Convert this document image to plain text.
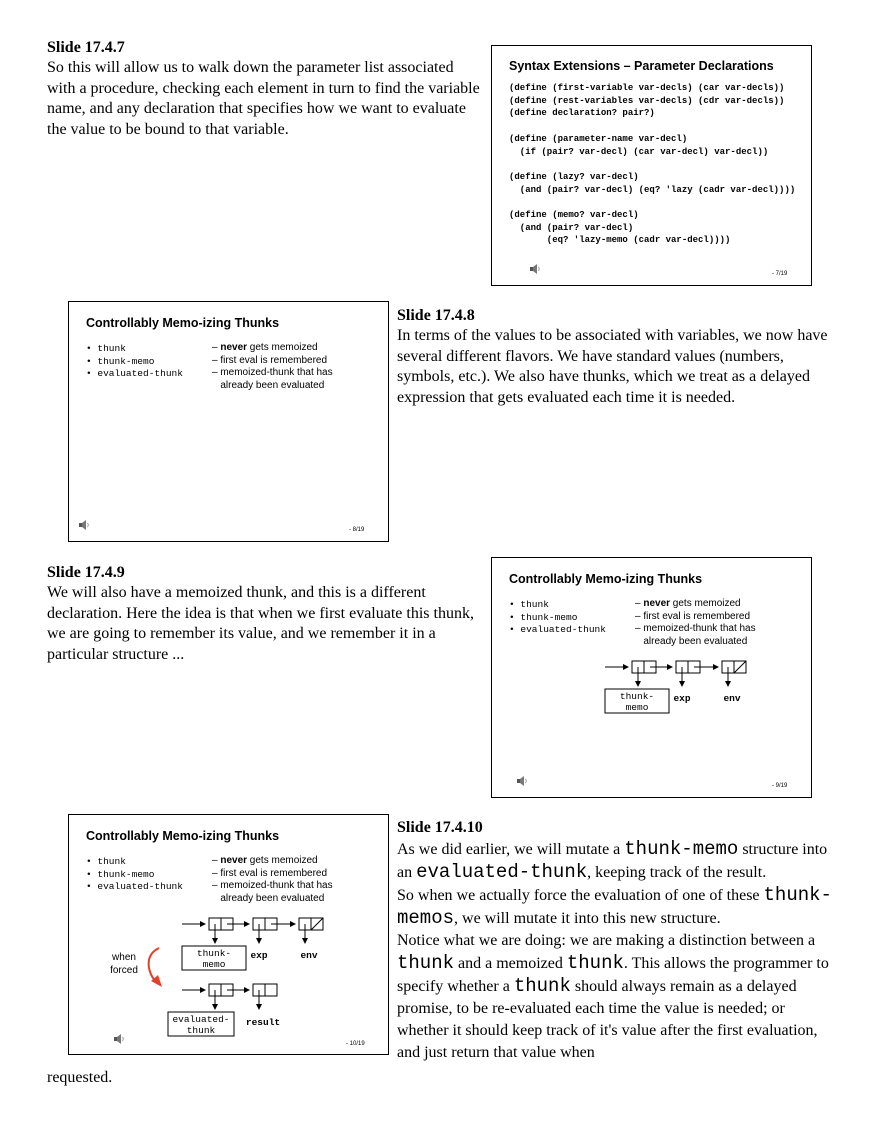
Slide 17.4.7

So this will allow us to walk down the parameter list associated with a procedure, checking each element in turn to find the variable name, and any declaration that specifies how we want to evaluate the value to be bound to that variable.

Syntax Extensions – Parameter Declarations
(define (first-variable var-decls) (car var-decls))
(define (rest-variables var-decls) (cdr var-decls))
(define declaration? pair?)

(define (parameter-name var-decl)
(if (pair? var-decl) (car var-decl) var-decl))

(define (lazy? var-decl)
(and (pair? var-decl) (eq? 'lazy (cadr var-decl))))

(define (memo? var-decl)
(and (pair? var-decl)
(eq? 'lazy-memo (cadr var-decl))))
- 7/19
Controllably Memo-izing Thunks
• thunk
• thunk-memo
• evaluated-thunk
– never gets memoized
– first eval is remembered
– memoized-thunk that has
already been evaluated
- 8/19
Slide 17.4.8

In terms of the values to be associated with variables, we now have several different flavors. We have standard values (numbers, symbols, etc.). We also have thunks, which we treat as a delayed expression that gets evaluated each time it is needed.

Slide 17.4.9

We will also have a memoized thunk, and this is a different declaration. Here the idea is that when we first evaluate this thunk, we are going to remember its value, and we remember it in a particular structure ...

Controllably Memo-izing Thunks
• thunk
• thunk-memo
• evaluated-thunk
– never gets memoized
– first eval is remembered
– memoized-thunk that has
already been evaluated
thunk-
memo
exp	env
- 9/19
Controllably Memo-izing Thunks
• thunk
• thunk-memo
• evaluated-thunk
– never gets memoized
– first eval is remembered
– memoized-thunk that has
already been evaluated
thunk-
memo
exp	env
when
forced
evaluated-
thunk
result
- 10/19
Slide 17.4.10

As we did earlier, we will mutate a thunk-memo structure into an evaluated-thunk, keeping track of the result.

So when we actually force the evaluation of one of these thunk-memos, we will mutate it into this new structure.

Notice what we are doing: we are making a distinction between a thunk and a memoized thunk. This allows the programmer to specify whether a thunk should always remain as a delayed promise, to be re-evaluated each time the value is needed; or whether it should keep track of it's value after the first evaluation, and just return that value when

requested.
